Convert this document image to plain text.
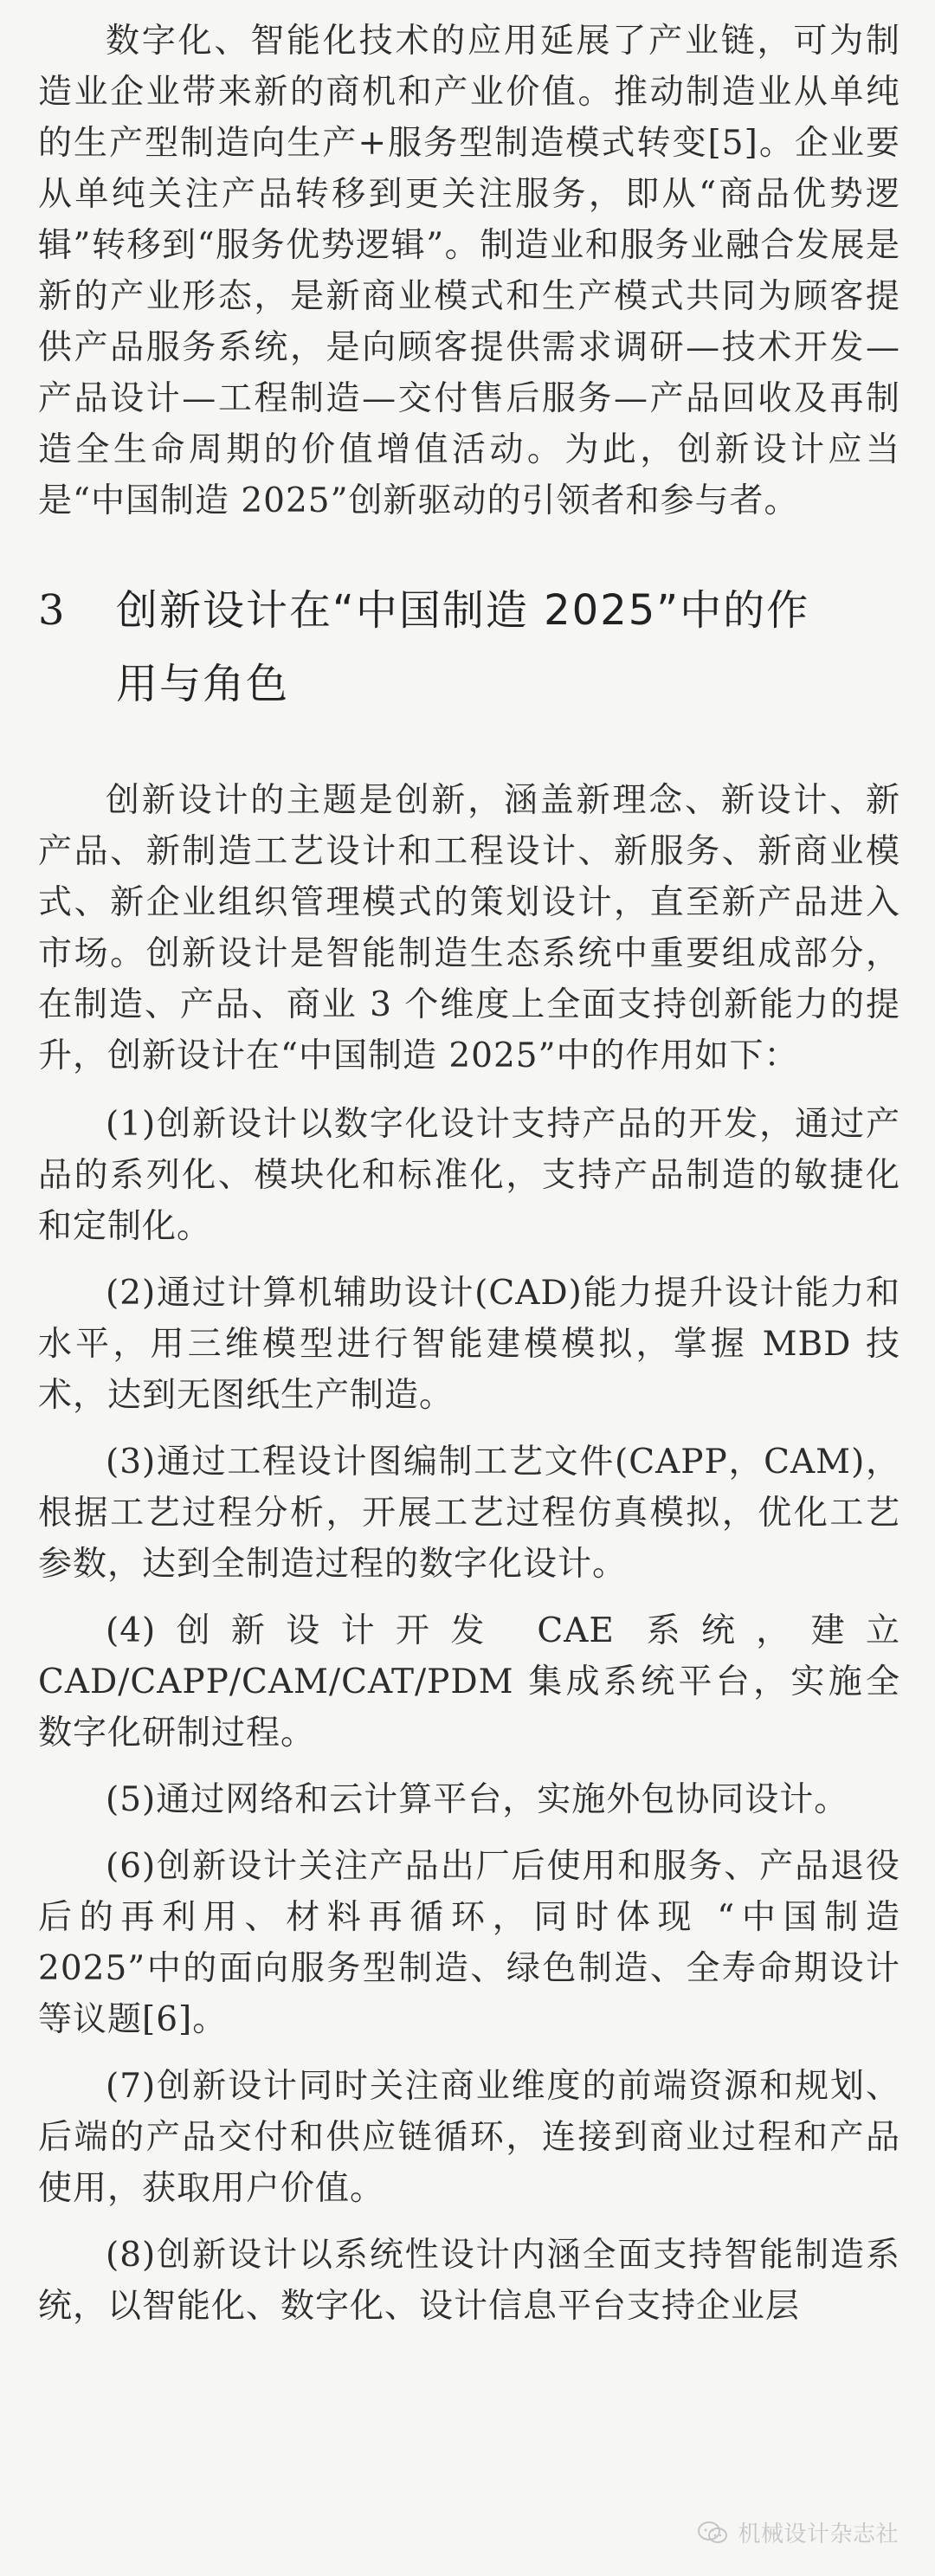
数字化、智能化技术的应用延展了产业链，可为制造业企业带来新的商机和产业价值。推动制造业从单纯的生产型制造向生产+服务型制造模式转变[5]。企业要从单纯关注产品转移到更关注服务，即从“商品优势逻辑”转移到“服务优势逻辑”。制造业和服务业融合发展是新的产业形态，是新商业模式和生产模式共同为顾客提供产品服务系统，是向顾客提供需求调研—技术开发—产品设计—工程制造—交付售后服务—产品回收及再制造全生命周期的价值增值活动。为此，创新设计应当是“中国制造 2025”创新驱动的引领者和参与者。

3	创新设计在“中国制造 2025”中的作用与角色

创新设计的主题是创新，涵盖新理念、新设计、新产品、新制造工艺设计和工程设计、新服务、新商业模式、新企业组织管理模式的策划设计，直至新产品进入市场。创新设计是智能制造生态系统中重要组成部分，在制造、产品、商业 3 个维度上全面支持创新能力的提升，创新设计在“中国制造 2025”中的作用如下：

(1)创新设计以数字化设计支持产品的开发，通过产品的系列化、模块化和标准化，支持产品制造的敏捷化和定制化。

(2)通过计算机辅助设计(CAD)能力提升设计能力和水平，用三维模型进行智能建模模拟，掌握 MBD 技术，达到无图纸生产制造。

(3)通过工程设计图编制工艺文件(CAPP，CAM)，根据工艺过程分析，开展工艺过程仿真模拟，优化工艺参数，达到全制造过程的数字化设计。

(4)创新设计开发 CAE 系统，建立 CAD/CAPP/CAM/CAT/PDM 集成系统平台，实施全数字化研制过程。

(5)通过网络和云计算平台，实施外包协同设计。

(6)创新设计关注产品出厂后使用和服务、产品退役后的再利用、材料再循环，同时体现 “中国制造 2025”中的面向服务型制造、绿色制造、全寿命期设计等议题[6]。

(7)创新设计同时关注商业维度的前端资源和规划、后端的产品交付和供应链循环，连接到商业过程和产品使用，获取用户价值。

(8)创新设计以系统性设计内涵全面支持智能制造系统，以智能化、数字化、设计信息平台支持企业层

机械设计杂志社
